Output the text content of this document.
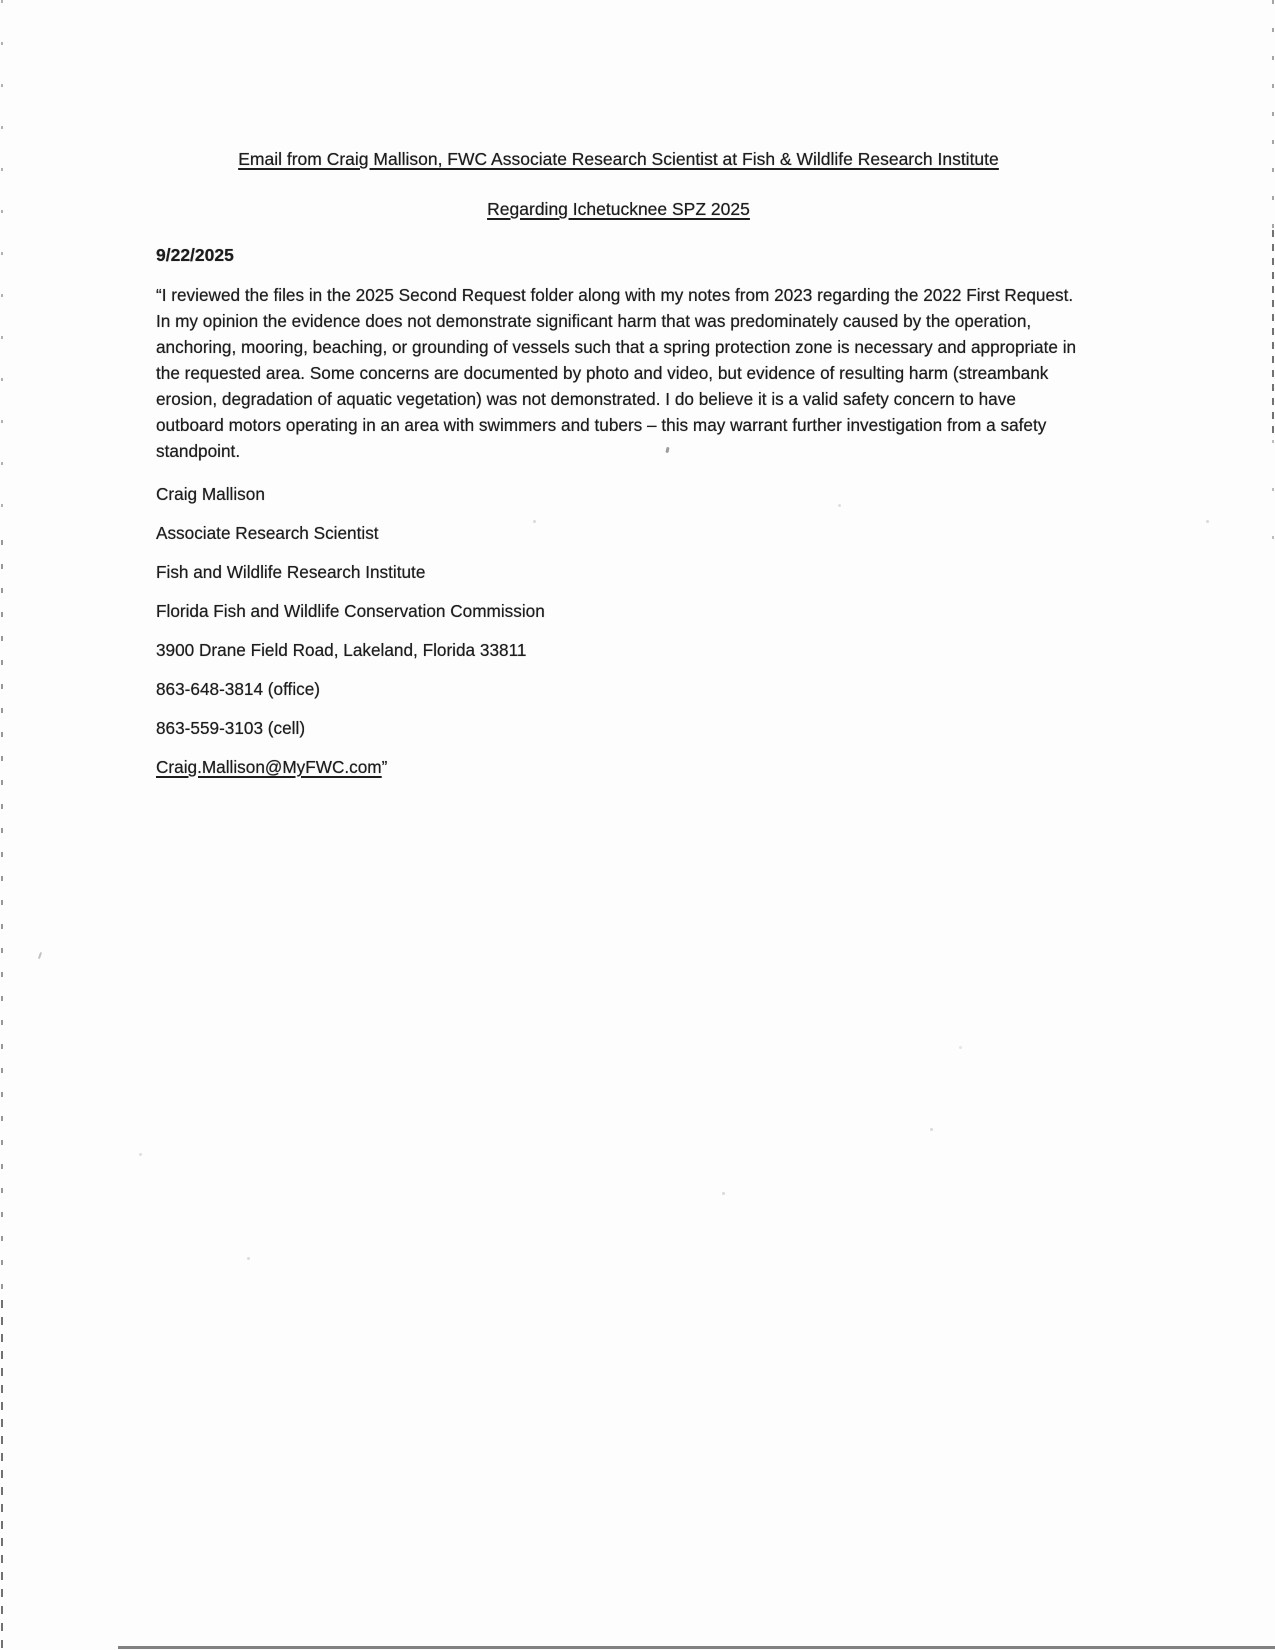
Email from Craig Mallison, FWC Associate Research Scientist at Fish & Wildlife Research Institute

Regarding Ichetucknee SPZ 2025

9/22/2025

“I reviewed the files in the 2025 Second Request folder along with my notes from 2023 regarding the 2022 First Request. In my opinion the evidence does not demonstrate significant harm that was predominately caused by the operation, anchoring, mooring, beaching, or grounding of vessels such that a spring protection zone is necessary and appropriate in the requested area. Some concerns are documented by photo and video, but evidence of resulting harm (streambank erosion, degradation of aquatic vegetation) was not demonstrated. I do believe it is a valid safety concern to have outboard motors operating in an area with swimmers and tubers – this may warrant further investigation from a safety standpoint.

Craig Mallison

Associate Research Scientist

Fish and Wildlife Research Institute

Florida Fish and Wildlife Conservation Commission

3900 Drane Field Road, Lakeland, Florida 33811

863-648-3814 (office)

863-559-3103 (cell)

Craig.Mallison@MyFWC.com”
